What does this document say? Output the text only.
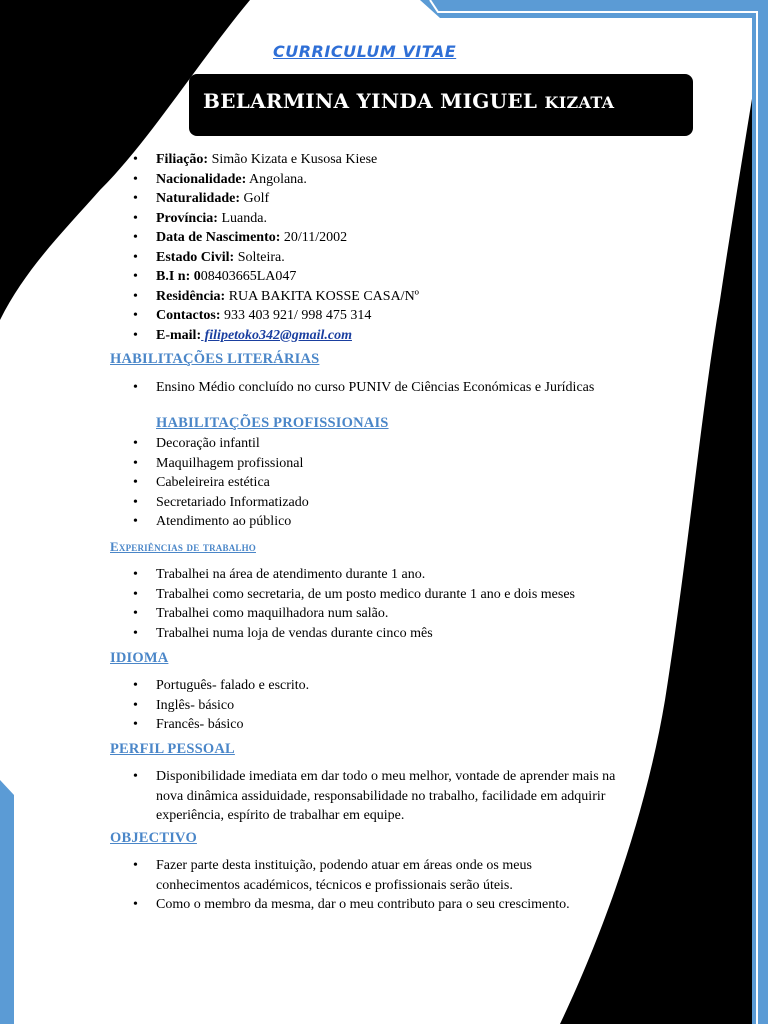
CURRICULUM VITAE
BELARMINA YINDA MIGUEL KIZATA
• Filiação: Simão Kizata e Kusosa Kiese
• Nacionalidade: Angolana.
• Naturalidade: Golf
• Província: Luanda.
• Data de Nascimento: 20/11/2002
• Estado Civil: Solteira.
• B.I n: 008403665LA047
• Residência: RUA BAKITA KOSSE CASA/Nº
• Contactos: 933 403 921/ 998 475 314
• E-mail: filipetoko342@gmail.com
HABILITAÇÕES LITERÁRIAS
• Ensino Médio concluído no curso PUNIV de Ciências Económicas e Jurídicas
HABILITAÇÕES PROFISSIONAIS
• Decoração infantil
• Maquilhagem profissional
• Cabeleireira estética
• Secretariado Informatizado
• Atendimento ao público
Experiências de trabalho
• Trabalhei na área de atendimento durante 1 ano.
• Trabalhei como secretaria, de um posto medico durante 1 ano e dois meses
• Trabalhei como maquilhadora num salão.
• Trabalhei numa loja de vendas durante cinco mês
IDIOMA
• Português- falado e escrito.
• Inglês- básico
• Francês- básico
PERFIL PESSOAL
• Disponibilidade imediata em dar todo o meu melhor, vontade de aprender mais na nova dinâmica assiduidade, responsabilidade no trabalho, facilidade em adquirir experiência, espírito de trabalhar em equipe.
OBJECTIVO
• Fazer parte desta instituição, podendo atuar em áreas onde os meus conhecimentos académicos, técnicos e profissionais serão úteis.
• Como o membro da mesma, dar o meu contributo para o seu crescimento.
